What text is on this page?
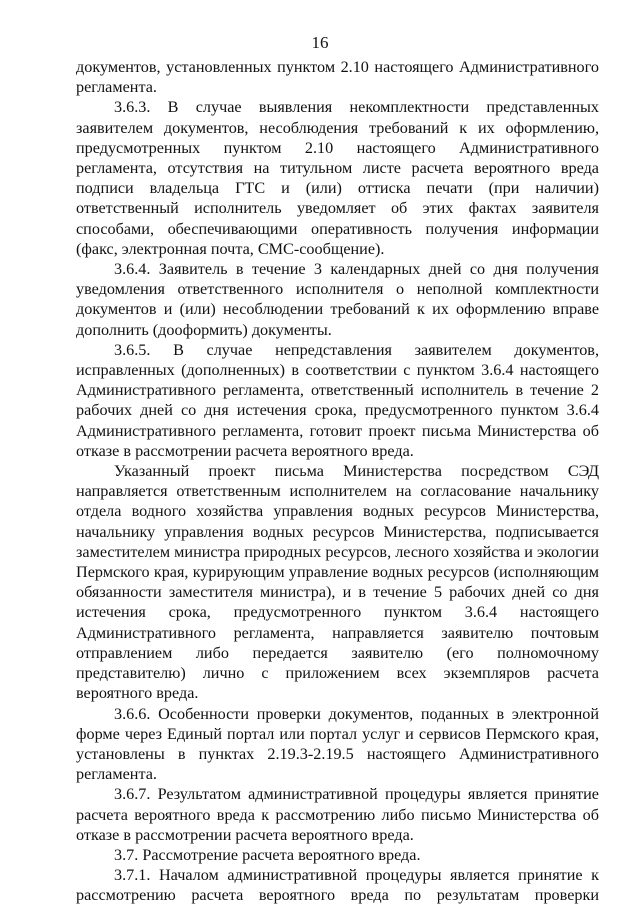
16

документов, установленных пунктом 2.10 настоящего Административного регламента.

3.6.3. В случае выявления некомплектности представленных заявителем документов, несоблюдения требований к их оформлению, предусмотренных пунктом 2.10 настоящего Административного регламента, отсутствия на титульном листе расчета вероятного вреда подписи владельца ГТС и (или) оттиска печати (при наличии) ответственный исполнитель уведомляет об этих фактах заявителя способами, обеспечивающими оперативность получения информации (факс, электронная почта, СМС-сообщение).

3.6.4. Заявитель в течение 3 календарных дней со дня получения уведомления ответственного исполнителя о неполной комплектности документов и (или) несоблюдении требований к их оформлению вправе дополнить (дооформить) документы.

3.6.5. В случае непредставления заявителем документов, исправленных (дополненных) в соответствии с пунктом 3.6.4 настоящего Административного регламента, ответственный исполнитель в течение 2 рабочих дней со дня истечения срока, предусмотренного пунктом 3.6.4 Административного регламента, готовит проект письма Министерства об отказе в рассмотрении расчета вероятного вреда.

Указанный проект письма Министерства посредством СЭД направляется ответственным исполнителем на согласование начальнику отдела водного хозяйства управления водных ресурсов Министерства, начальнику управления водных ресурсов Министерства, подписывается заместителем министра природных ресурсов, лесного хозяйства и экологии Пермского края, курирующим управление водных ресурсов (исполняющим обязанности заместителя министра), и в течение 5 рабочих дней со дня истечения срока, предусмотренного пунктом 3.6.4 настоящего Административного регламента, направляется заявителю почтовым отправлением либо передается заявителю (его полномочному представителю) лично с приложением всех экземпляров расчета вероятного вреда.

3.6.6. Особенности проверки документов, поданных в электронной форме через Единый портал или портал услуг и сервисов Пермского края, установлены в пунктах 2.19.3-2.19.5 настоящего Административного регламента.

3.6.7. Результатом административной процедуры является принятие расчета вероятного вреда к рассмотрению либо письмо Министерства об отказе в рассмотрении расчета вероятного вреда.

3.7. Рассмотрение расчета вероятного вреда.

3.7.1. Началом административной процедуры является принятие к рассмотрению расчета вероятного вреда по результатам проверки
